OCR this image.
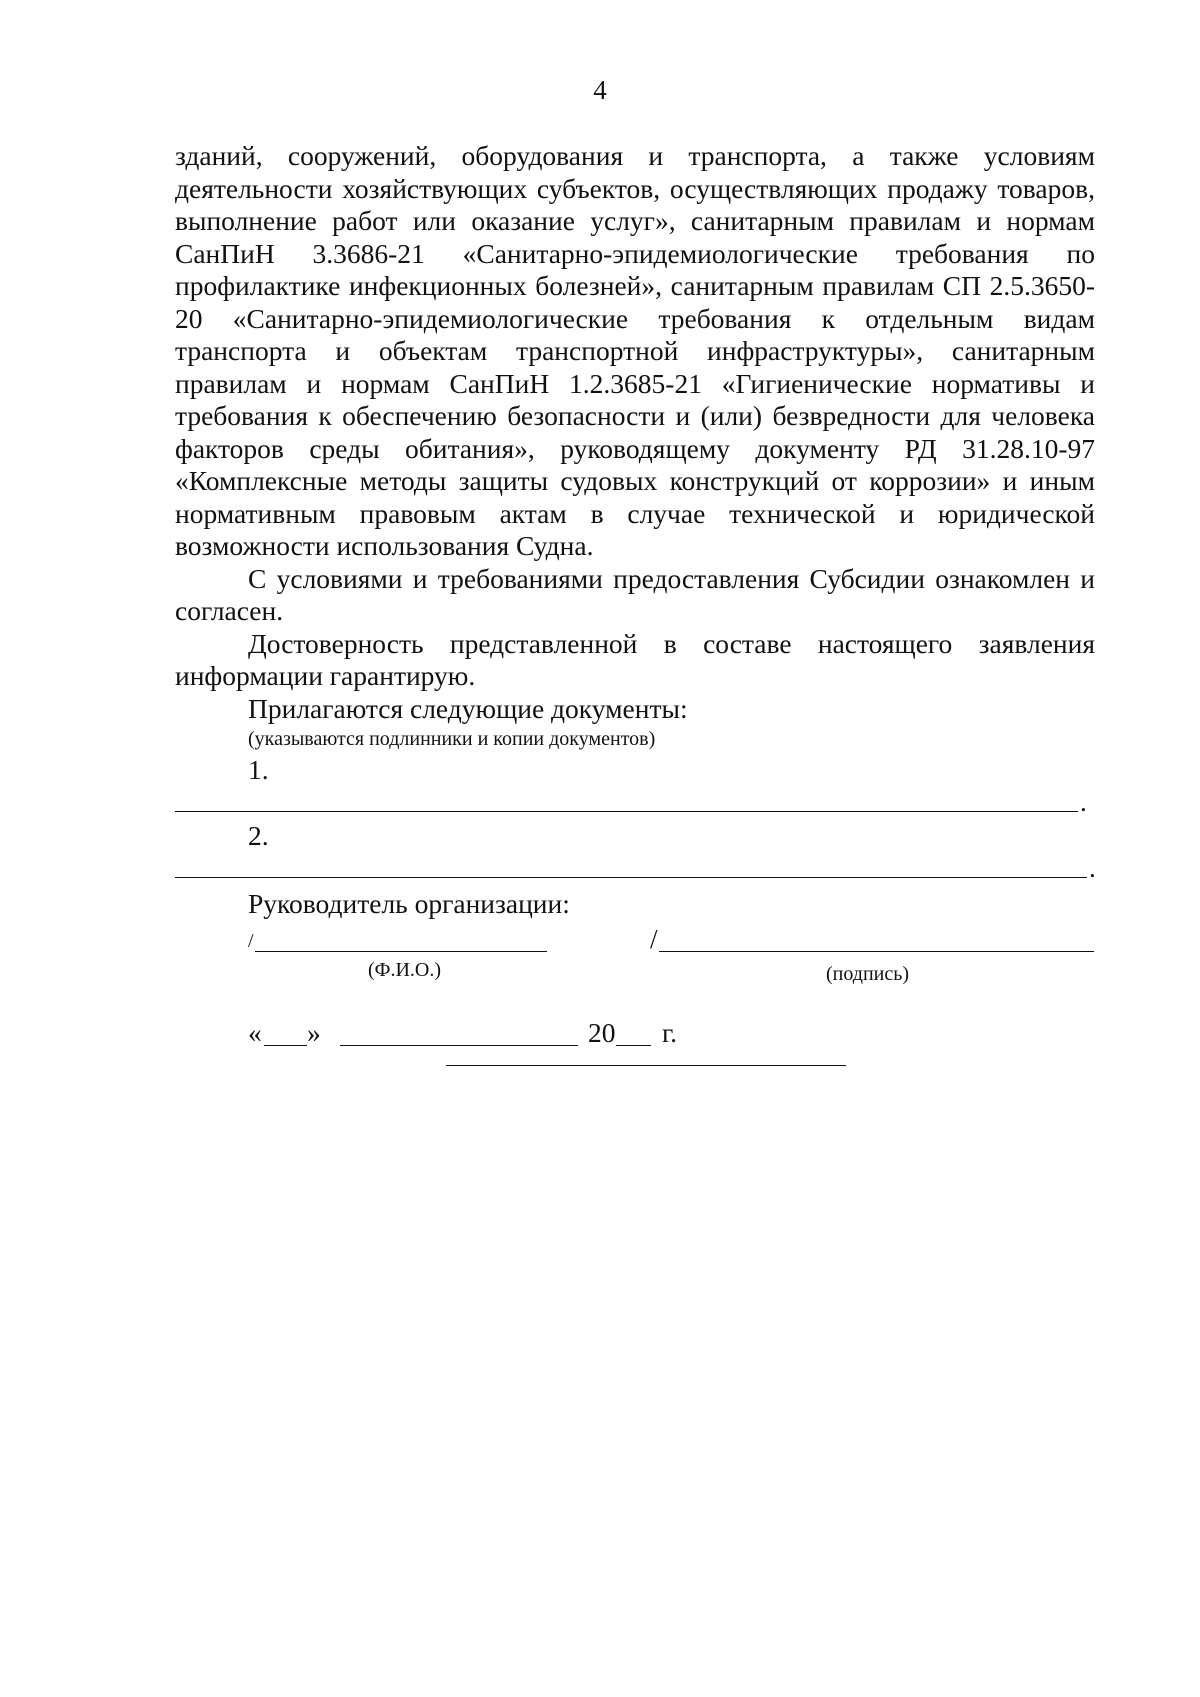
4

зданий, сооружений, оборудования и транспорта, а также условиям деятельности хозяйствующих субъектов, осуществляющих продажу товаров, выполнение работ или оказание услуг», санитарным правилам и нормам СанПиН 3.3686-21 «Санитарно-эпидемиологические требования по профилактике инфекционных болезней», санитарным правилам СП 2.5.3650-20 «Санитарно-эпидемиологические требования к отдельным видам транспорта и объектам транспортной инфраструктуры», санитарным правилам и нормам СанПиН 1.2.3685-21 «Гигиенические нормативы и требования к обеспечению безопасности и (или) безвредности для человека факторов среды обитания», руководящему документу РД 31.28.10-97 «Комплексные методы защиты судовых конструкций от коррозии» и иным нормативным правовым актам в случае технической и юридической возможности использования Судна.

С условиями и требованиями предоставления Субсидии ознакомлен и согласен.

Достоверность представленной в составе настоящего заявления информации гарантирую.

Прилагаются следующие документы:
(указываются подлинники и копии документов)
1.
.
2.
.
Руководитель организации:
/	/
(Ф.И.О.)	(подпись)
« »	20 г.
